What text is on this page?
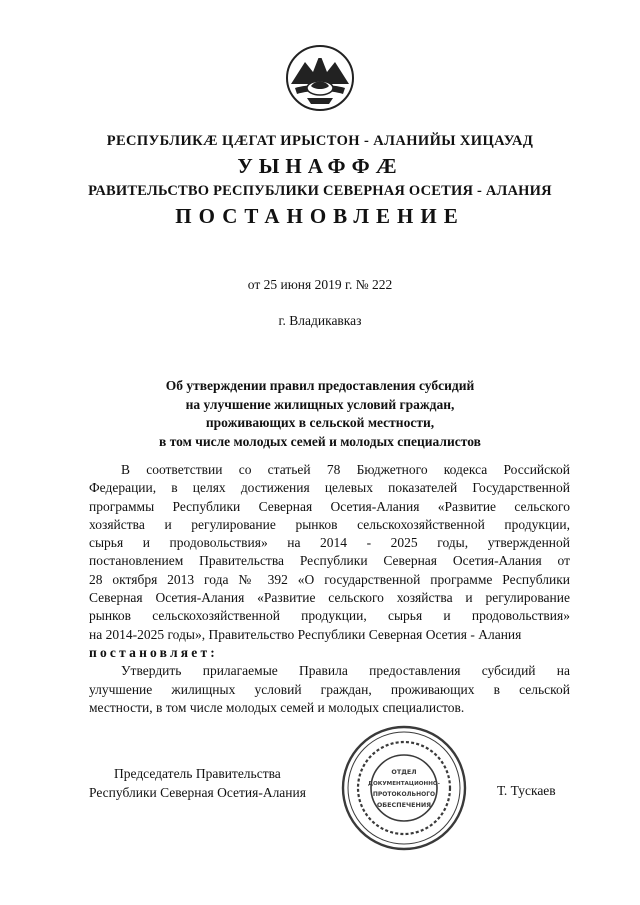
РЕСПУБЛИКÆ ЦÆГАТ ИРЫСТОН - АЛАНИЙЫ ХИЦАУАД
УЫНАФФÆ
РАВИТЕЛЬСТВО РЕСПУБЛИКИ СЕВЕРНАЯ ОСЕТИЯ - АЛАНИЯ
ПОСТАНОВЛЕНИЕ
от 25 июня 2019 г. № 222
г. Владикавказ
Об утверждении правил предоставления субсидий
на улучшение жилищных условий граждан,
проживающих в сельской местности,
в том числе молодых семей и молодых специалистов
В соответствии со статьей 78 Бюджетного кодекса Российской
Федерации, в целях достижения целевых показателей Государственной
программы Республики Северная Осетия-Алания «Развитие сельского
хозяйства и регулирование рынков сельскохозяйственной продукции,
сырья и продовольствия» на 2014 - 2025 годы, утвержденной
постановлением Правительства Республики Северная Осетия-Алания от
28 октября 2013 года № 392 «О государственной программе Республики
Северная Осетия-Алания «Развитие сельского хозяйства и регулирование
рынков сельскохозяйственной продукции, сырья и продовольствия»
на 2014-2025 годы», Правительство Республики Северная Осетия - Алания
постановляет:
Утвердить прилагаемые Правила предоставления субсидий на
улучшение жилищных условий граждан, проживающих в сельской
местности, в том числе молодых семей и молодых специалистов.
Председатель Правительства
Республики Северная Осетия-Алания	Т. Тускаев
ОТДЕЛ
ДОКУМЕНТАЦИОННО-
ПРОТОКОЛЬНОГО
ОБЕСПЕЧЕНИЯ
